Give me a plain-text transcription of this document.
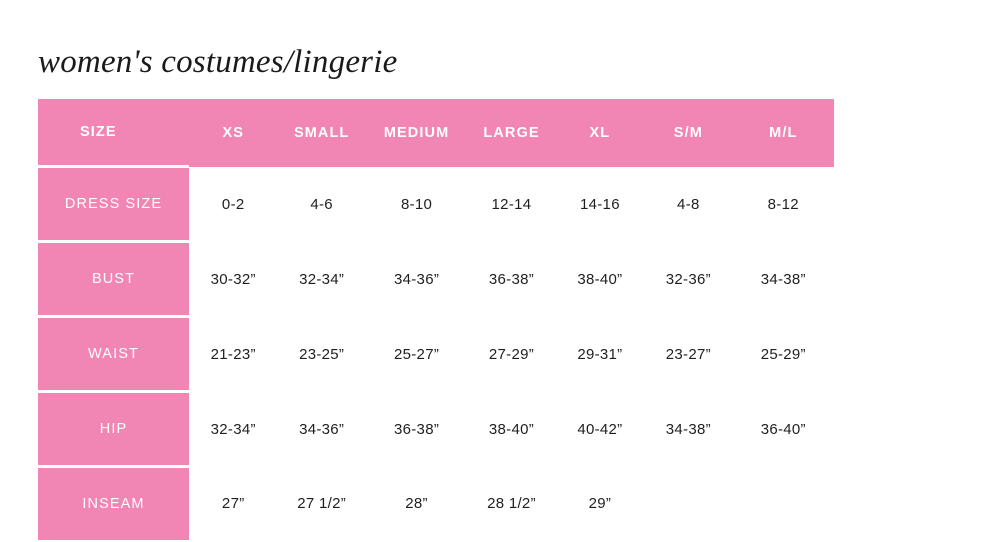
women's costumes/lingerie
SIZE	XS	SMALL	MEDIUM	LARGE	XL	S/M	M/L
DRESS SIZE	0-2	4-6	8-10	12-14	14-16	4-8	8-12
BUST	30-32”	32-34”	34-36”	36-38”	38-40”	32-36”	34-38”
WAIST	21-23”	23-25”	25-27”	27-29”	29-31”	23-27”	25-29”
HIP	32-34”	34-36”	36-38”	38-40”	40-42”	34-38”	36-40”
INSEAM	27”	27 1/2”	28”	28 1/2”	29”		
